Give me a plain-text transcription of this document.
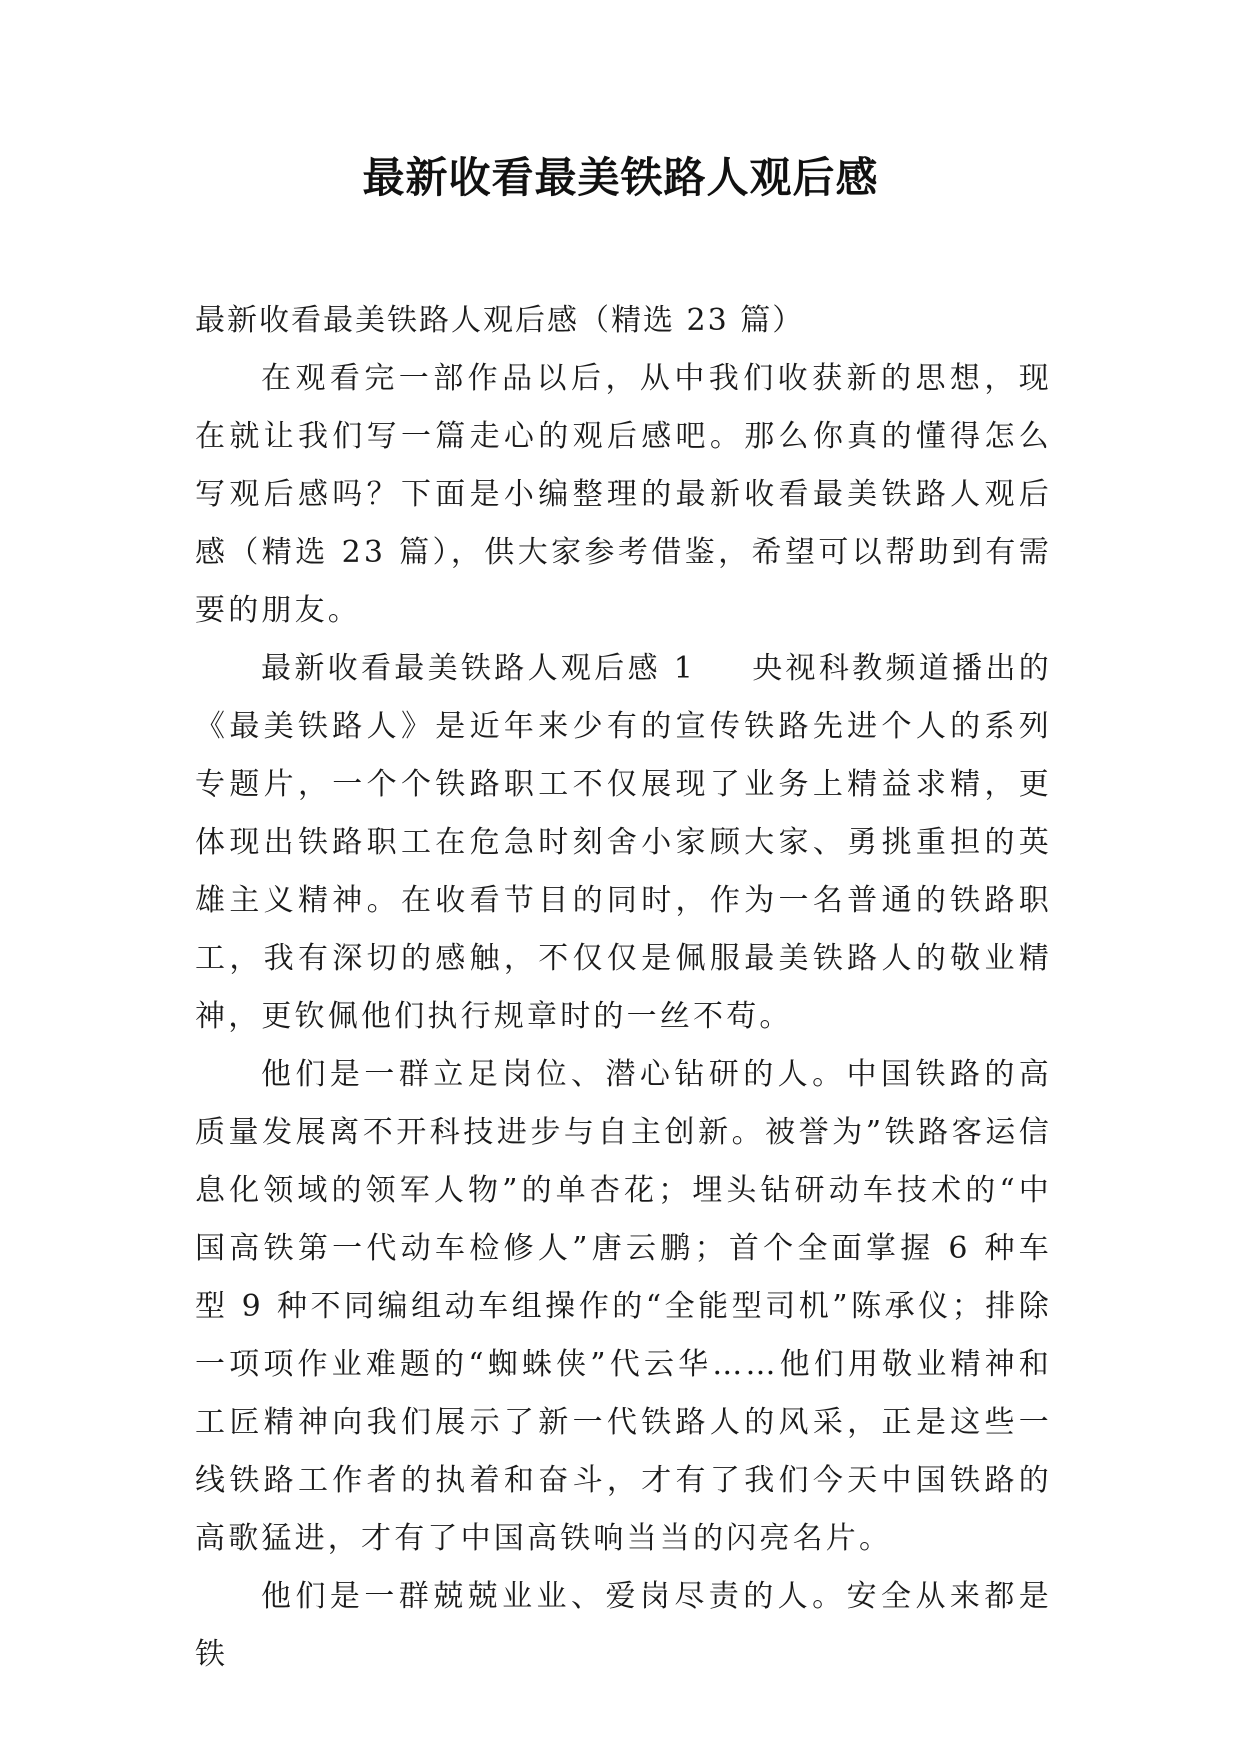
最新收看最美铁路人观后感

最新收看最美铁路人观后感（精选 23 篇）

在观看完一部作品以后，从中我们收获新的思想，现在就让我们写一篇走心的观后感吧。那么你真的懂得怎么写观后感吗？下面是小编整理的最新收看最美铁路人观后感（精选 23 篇），供大家参考借鉴，希望可以帮助到有需要的朋友。

最新收看最美铁路人观后感 1 央视科教频道播出的《最美铁路人》是近年来少有的宣传铁路先进个人的系列专题片，一个个铁路职工不仅展现了业务上精益求精，更体现出铁路职工在危急时刻舍小家顾大家、勇挑重担的英雄主义精神。在收看节目的同时，作为一名普通的铁路职工，我有深切的感触，不仅仅是佩服最美铁路人的敬业精神，更钦佩他们执行规章时的一丝不苟。

他们是一群立足岗位、潜心钻研的人。中国铁路的高质量发展离不开科技进步与自主创新。被誉为”铁路客运信息化领域的领军人物”的单杏花；埋头钻研动车技术的“中国高铁第一代动车检修人”唐云鹏；首个全面掌握 6 种车型 9 种不同编组动车组操作的“全能型司机”陈承仪；排除一项项作业难题的“蜘蛛侠”代云华……他们用敬业精神和工匠精神向我们展示了新一代铁路人的风采，正是这些一线铁路工作者的执着和奋斗，才有了我们今天中国铁路的高歌猛进，才有了中国高铁响当当的闪亮名片。

他们是一群兢兢业业、爱岗尽责的人。安全从来都是铁
